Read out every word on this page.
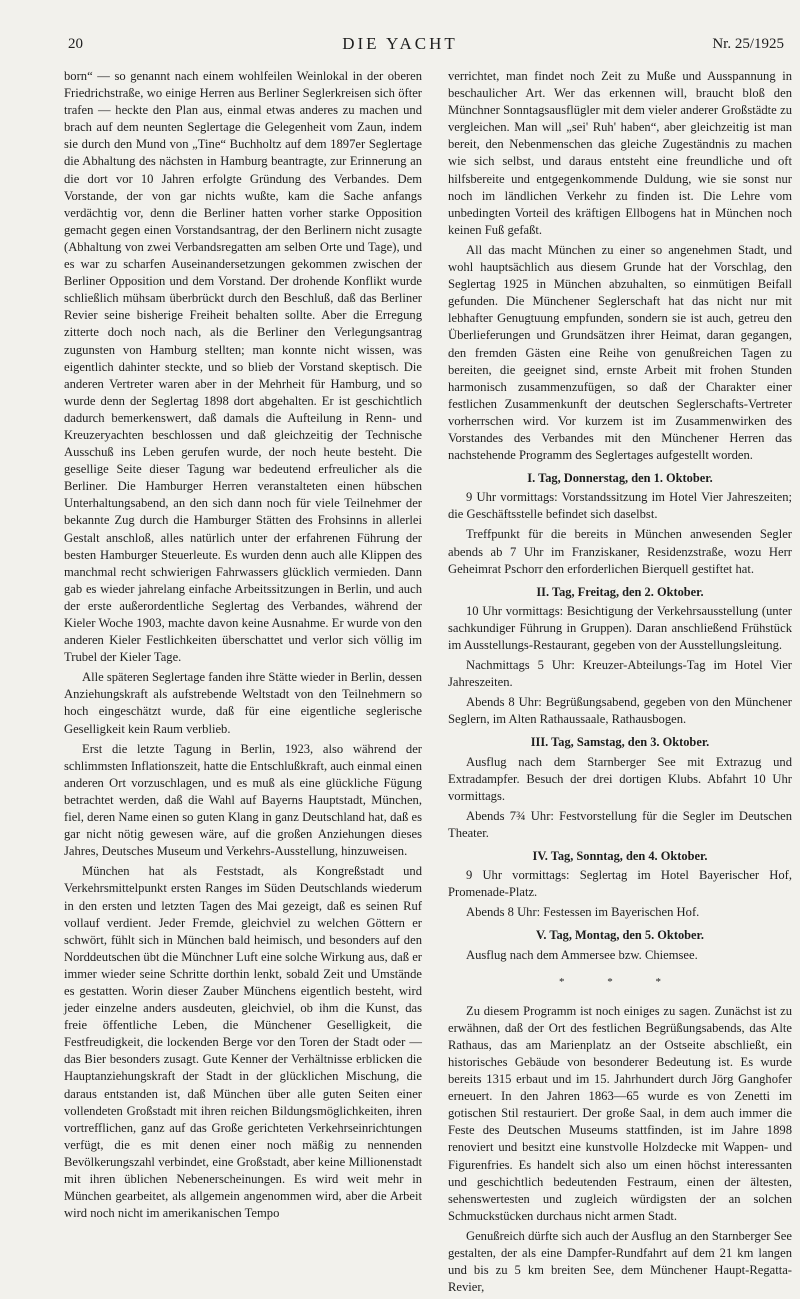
20	DIE YACHT	Nr. 25/1925

born“ — so genannt nach einem wohlfeilen Weinlokal in der oberen Friedrichstraße, wo einige Herren aus Berliner Seglerkreisen sich öfter trafen — heckte den Plan aus, einmal etwas anderes zu machen und brach auf dem neunten Seglertage die Gelegenheit vom Zaun, indem sie durch den Mund von „Tine“ Buchholtz auf dem 1897er Seglertage die Abhaltung des nächsten in Hamburg beantragte, zur Erinnerung an die dort vor 10 Jahren erfolgte Gründung des Verbandes. Dem Vorstande, der von gar nichts wußte, kam die Sache anfangs verdächtig vor, denn die Berliner hatten vorher starke Opposition gemacht gegen einen Vorstandsantrag, der den Berlinern nicht zusagte (Abhaltung von zwei Verbandsregatten am selben Orte und Tage), und es war zu scharfen Auseinandersetzungen gekommen zwischen der Berliner Opposition und dem Vorstand. Der drohende Konflikt wurde schließlich mühsam überbrückt durch den Beschluß, daß das Berliner Revier seine bisherige Freiheit behalten sollte. Aber die Erregung zitterte doch noch nach, als die Berliner den Verlegungsantrag zugunsten von Hamburg stellten; man konnte nicht wissen, was eigentlich dahinter steckte, und so blieb der Vorstand skeptisch. Die anderen Vertreter waren aber in der Mehrheit für Hamburg, und so wurde denn der Seglertag 1898 dort abgehalten. Er ist geschichtlich dadurch bemerkenswert, daß damals die Aufteilung in Renn- und Kreuzeryachten beschlossen und daß gleichzeitig der Technische Ausschuß ins Leben gerufen wurde, der noch heute besteht. Die gesellige Seite dieser Tagung war bedeutend erfreulicher als die Berliner. Die Hamburger Herren veranstalteten einen hübschen Unterhaltungsabend, an den sich dann noch für viele Teilnehmer der bekannte Zug durch die Hamburger Stätten des Frohsinns in allerlei Gestalt anschloß, alles natürlich unter der erfahrenen Führung der besten Hamburger Steuerleute. Es wurden denn auch alle Klippen des manchmal recht schwierigen Fahrwassers glücklich vermieden. Dann gab es wieder jahrelang einfache Arbeitssitzungen in Berlin, und auch der erste außerordentliche Seglertag des Verbandes, während der Kieler Woche 1903, machte davon keine Ausnahme. Er wurde von den anderen Kieler Festlichkeiten überschattet und verlor sich völlig im Trubel der Kieler Tage.

Alle späteren Seglertage fanden ihre Stätte wieder in Berlin, dessen Anziehungskraft als aufstrebende Weltstadt von den Teilnehmern so hoch eingeschätzt wurde, daß für eine eigentliche seglerische Geselligkeit kein Raum verblieb.

Erst die letzte Tagung in Berlin, 1923, also während der schlimmsten Inflationszeit, hatte die Entschlußkraft, auch einmal einen anderen Ort vorzuschlagen, und es muß als eine glückliche Fügung betrachtet werden, daß die Wahl auf Bayerns Hauptstadt, München, fiel, deren Name einen so guten Klang in ganz Deutschland hat, daß es gar nicht nötig gewesen wäre, auf die großen Anziehungen dieses Jahres, Deutsches Museum und Verkehrs-Ausstellung, hinzuweisen.

München hat als Feststadt, als Kongreßstadt und Verkehrsmittelpunkt ersten Ranges im Süden Deutschlands wiederum in den ersten und letzten Tagen des Mai gezeigt, daß es seinen Ruf vollauf verdient. Jeder Fremde, gleichviel zu welchen Göttern er schwört, fühlt sich in München bald heimisch, und besonders auf den Norddeutschen übt die Münchner Luft eine solche Wirkung aus, daß er immer wieder seine Schritte dorthin lenkt, sobald Zeit und Umstände es gestatten. Worin dieser Zauber Münchens eigentlich besteht, wird jeder einzelne anders ausdeuten, gleichviel, ob ihm die Kunst, das freie öffentliche Leben, die Münchener Geselligkeit, die Festfreudigkeit, die lockenden Berge vor den Toren der Stadt oder — das Bier besonders zusagt. Gute Kenner der Verhältnisse erblicken die Hauptanziehungskraft der Stadt in der glücklichen Mischung, die daraus entstanden ist, daß München über alle guten Seiten einer vollendeten Großstadt mit ihren reichen Bildungsmöglichkeiten, ihren vortrefflichen, ganz auf das Große gerichteten Verkehrseinrichtungen verfügt, die es mit denen einer noch mäßig zu nennenden Bevölkerungszahl verbindet, eine Großstadt, aber keine Millionenstadt mit ihren üblichen Nebenerscheinungen. Es wird weit mehr in München gearbeitet, als allgemein angenommen wird, aber die Arbeit wird noch nicht im amerikanischen Tempo

verrichtet, man findet noch Zeit zu Muße und Ausspannung in beschaulicher Art. Wer das erkennen will, braucht bloß den Münchner Sonntagsausflügler mit dem vieler anderer Großstädte zu vergleichen. Man will „sei' Ruh' haben“, aber gleichzeitig ist man bereit, den Nebenmenschen das gleiche Zugeständnis zu machen wie sich selbst, und daraus entsteht eine freundliche und oft hilfsbereite und entgegenkommende Duldung, wie sie sonst nur noch im ländlichen Verkehr zu finden ist. Die Lehre vom unbedingten Vorteil des kräftigen Ellbogens hat in München noch keinen Fuß gefaßt.

All das macht München zu einer so angenehmen Stadt, und wohl hauptsächlich aus diesem Grunde hat der Vorschlag, den Seglertag 1925 in München abzuhalten, so einmütigen Beifall gefunden. Die Münchener Seglerschaft hat das nicht nur mit lebhafter Genugtuung empfunden, sondern sie ist auch, getreu den Überlieferungen und Grundsätzen ihrer Heimat, daran gegangen, den fremden Gästen eine Reihe von genußreichen Tagen zu bereiten, die geeignet sind, ernste Arbeit mit frohen Stunden harmonisch zusammenzufügen, so daß der Charakter einer festlichen Zusammenkunft der deutschen Seglerschafts-Vertreter vorherrschen wird. Vor kurzem ist im Zusammenwirken des Vorstandes des Verbandes mit den Münchener Herren das nachstehende Programm des Seglertages aufgestellt worden.

I. Tag, Donnerstag, den 1. Oktober.

9 Uhr vormittags: Vorstandssitzung im Hotel Vier Jahreszeiten; die Geschäftsstelle befindet sich daselbst.

Treffpunkt für die bereits in München anwesenden Segler abends ab 7 Uhr im Franziskaner, Residenzstraße, wozu Herr Geheimrat Pschorr den erforderlichen Bierquell gestiftet hat.

II. Tag, Freitag, den 2. Oktober.

10 Uhr vormittags: Besichtigung der Verkehrsausstellung (unter sachkundiger Führung in Gruppen). Daran anschließend Frühstück im Ausstellungs-Restaurant, gegeben von der Ausstellungsleitung.

Nachmittags 5 Uhr: Kreuzer-Abteilungs-Tag im Hotel Vier Jahreszeiten.

Abends 8 Uhr: Begrüßungsabend, gegeben von den Münchener Seglern, im Alten Rathaussaale, Rathausbogen.

III. Tag, Samstag, den 3. Oktober.

Ausflug nach dem Starnberger See mit Extrazug und Extradampfer. Besuch der drei dortigen Klubs. Abfahrt 10 Uhr vormittags.

Abends 7¾ Uhr: Festvorstellung für die Segler im Deutschen Theater.

IV. Tag, Sonntag, den 4. Oktober.

9 Uhr vormittags: Seglertag im Hotel Bayerischer Hof, Promenade-Platz.

Abends 8 Uhr: Festessen im Bayerischen Hof.

V. Tag, Montag, den 5. Oktober.

Ausflug nach dem Ammersee bzw. Chiemsee.

* * *

Zu diesem Programm ist noch einiges zu sagen. Zunächst ist zu erwähnen, daß der Ort des festlichen Begrüßungsabends, das Alte Rathaus, das am Marienplatz an der Ostseite abschließt, ein historisches Gebäude von besonderer Bedeutung ist. Es wurde bereits 1315 erbaut und im 15. Jahrhundert durch Jörg Ganghofer erneuert. In den Jahren 1863—65 wurde es von Zenetti im gotischen Stil restauriert. Der große Saal, in dem auch immer die Feste des Deutschen Museums stattfinden, ist im Jahre 1898 renoviert und besitzt eine kunstvolle Holzdecke mit Wappen- und Figurenfries. Es handelt sich also um einen höchst interessanten und geschichtlich bedeutenden Festraum, einen der ältesten, sehenswertesten und zugleich würdigsten der an solchen Schmuckstücken durchaus nicht armen Stadt.

Genußreich dürfte sich auch der Ausflug an den Starnberger See gestalten, der als eine Dampfer-Rundfahrt auf dem 21 km langen und bis zu 5 km breiten See, dem Münchener Haupt-Regatta-Revier,
